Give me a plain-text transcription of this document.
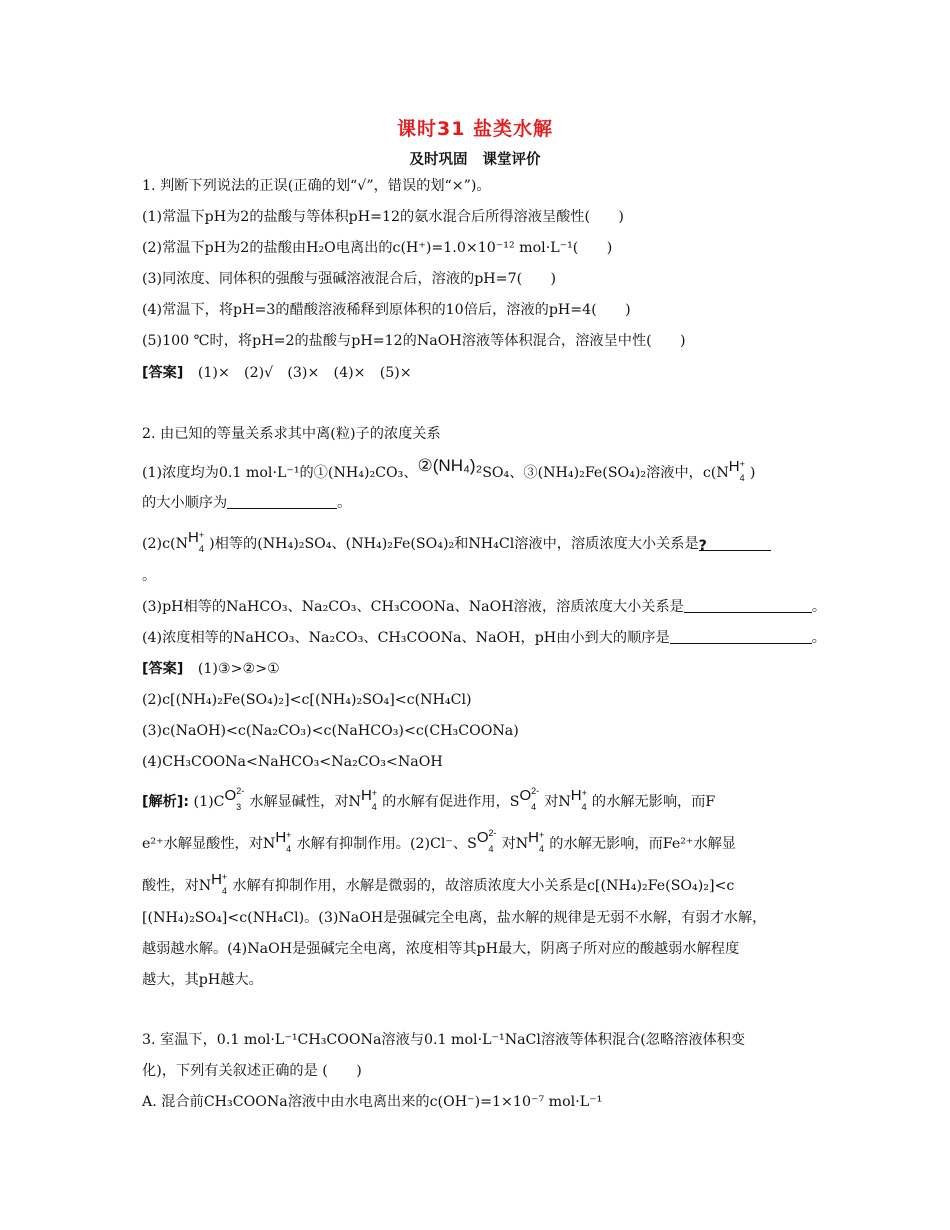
课时31 盐类水解
及时巩固 课堂评价
1. 判断下列说法的正误(正确的划“√”，错误的划“×”)。
(1)常温下pH为2的盐酸与等体积pH=12的氨水混合后所得溶液呈酸性(　　)
(2)常温下pH为2的盐酸由H₂O电离出的c(H⁺)=1.0×10⁻¹² mol·L⁻¹(　　)
(3)同浓度、同体积的强酸与强碱溶液混合后，溶液的pH=7(　　)
(4)常温下，将pH=3的醋酸溶液稀释到原体积的10倍后，溶液的pH=4(　　)
(5)100 ℃时，将pH=2的盐酸与pH=12的NaOH溶液等体积混合，溶液呈中性(　　)
[答案] (1)×　(2)√　(3)×　(4)×　(5)×
2. 由已知的等量关系求其中离(粒)子的浓度关系
(1)浓度均为0.1 mol·L⁻¹的①(NH₄)₂CO₃、②(NH₄)₂SO₄、③(NH₄)₂Fe(SO₄)₂溶液中，$c(NH_4^+)$
的大小顺序为	。
$(2)c(NH_4^+)$相等的(NH₄)₂SO₄、(NH₄)₂Fe(SO₄)₂和NH₄Cl溶液中，溶质浓度大小关系是?
。
(3)pH相等的NaHCO₃、Na₂CO₃、CH₃COONa、NaOH溶液，溶质浓度大小关系是	。
(4)浓度相等的NaHCO₃、Na₂CO₃、CH₃COONa、NaOH，pH由小到大的顺序是	。
[答案] (1)③>②>①
(2)c[(NH₄)₂Fe(SO₄)₂]<c[(NH₄)₂SO₄]<c(NH₄Cl)
(3)c(NaOH)<c(Na₂CO₃)<c(NaHCO₃)<c(CH₃COONa)
(4)CH₃COONa<NaHCO₃<Na₂CO₃<NaOH
[解析]: $(1)CO_3^{2-}$水解显碱性，对$NH_4^+$的水解有促进作用，$SO_4^{2-}$对$NH_4^+$的水解无影响，而F
e²⁺水解显酸性，对$NH_4^+$水解有抑制作用。(2)Cl⁻、$SO_4^{2-}$对$NH_4^+$的水解无影响，而Fe²⁺水解显
酸性，对$NH_4^+$水解有抑制作用，水解是微弱的，故溶质浓度大小关系是c[(NH₄)₂Fe(SO₄)₂]<c
[(NH₄)₂SO₄]<c(NH₄Cl)。(3)NaOH是强碱完全电离，盐水解的规律是无弱不水解，有弱才水解，
越弱越水解。(4)NaOH是强碱完全电离，浓度相等其pH最大，阴离子所对应的酸越弱水解程度
越大，其pH越大。
3. 室温下，0.1 mol·L⁻¹CH₃COONa溶液与0.1 mol·L⁻¹NaCl溶液等体积混合(忽略溶液体积变
化)，下列有关叙述正确的是 (　　)
A. 混合前CH₃COONa溶液中由水电离出来的c(OH⁻)=1×10⁻⁷ mol·L⁻¹
